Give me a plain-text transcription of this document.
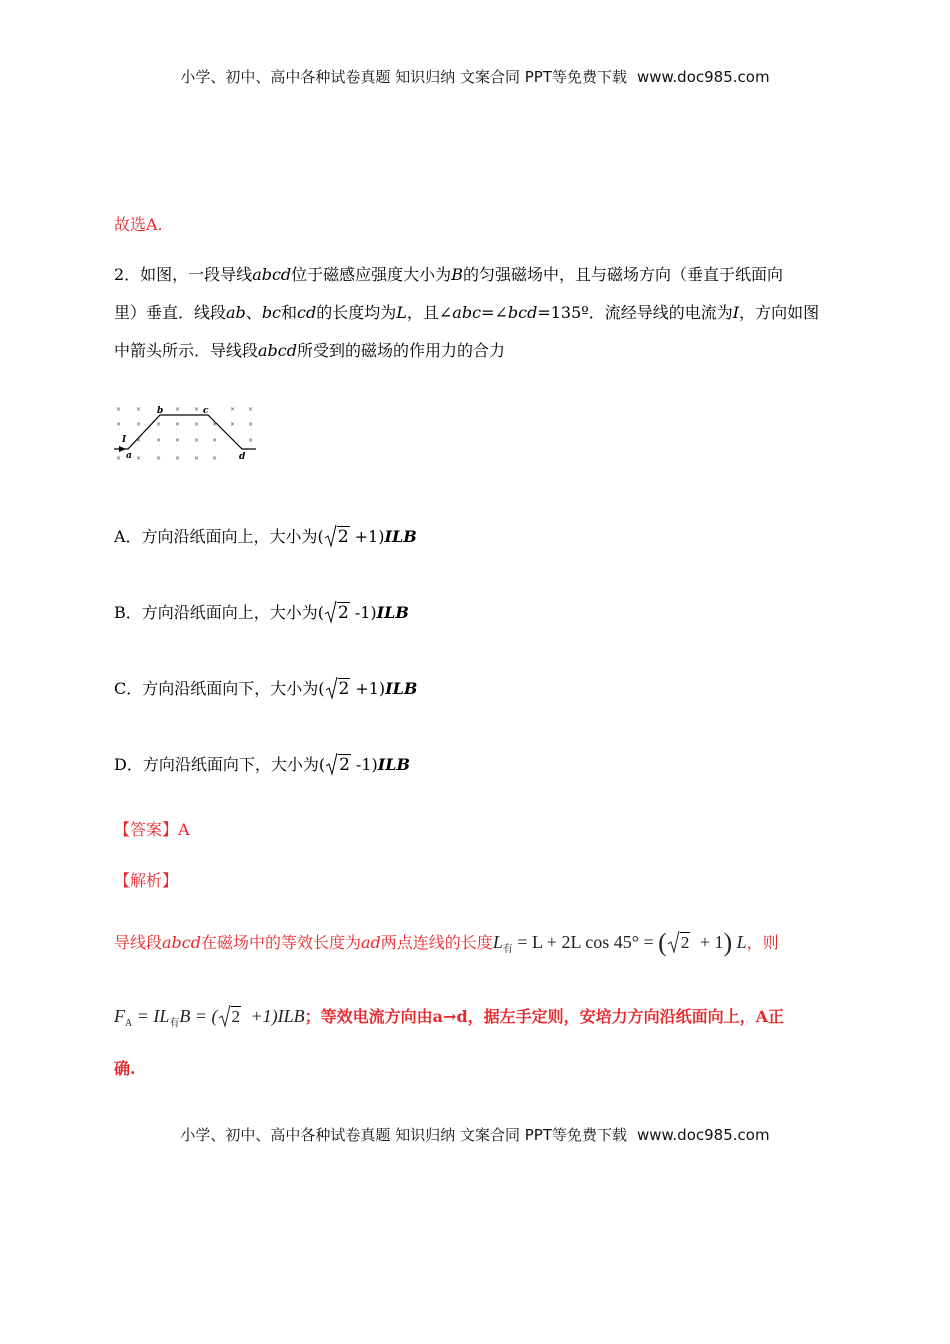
小学、初中、高中各种试卷真题 知识归纳 文案合同 PPT等免费下载 www.doc985.com
故选A.
2．如图，一段导线abcd位于磁感应强度大小为B的匀强磁场中，且与磁场方向（垂直于纸面向
里）垂直．线段ab、bc和cd的长度均为L，且∠abc=∠bcd=135º．流经导线的电流为I，方向如图
中箭头所示．导线段abcd所受到的磁场的作用力的合力
× ×	× ×	× ×
× × × × × × × ×
× × × × ×	×
× × × × × ×
I
a
b	c
d
A．方向沿纸面向上，大小为( 2 +1)ILB
B．方向沿纸面向上，大小为( 2 -1)ILB
C．方向沿纸面向下，大小为( 2 +1)ILB
D．方向沿纸面向下，大小为( 2 -1)ILB
【答案】A
【解析】
导线段abcd在磁场中的等效长度为ad两点连线的长度$L_有 = L + 2L$ cos 45° = ( 2 + 1) L，则
$F_A = IL_有B$ = ( 2 +1)ILB；等效电流方向由a→d，据左手定则，安培力方向沿纸面向上，A正
确.
小学、初中、高中各种试卷真题 知识归纳 文案合同 PPT等免费下载 www.doc985.com
